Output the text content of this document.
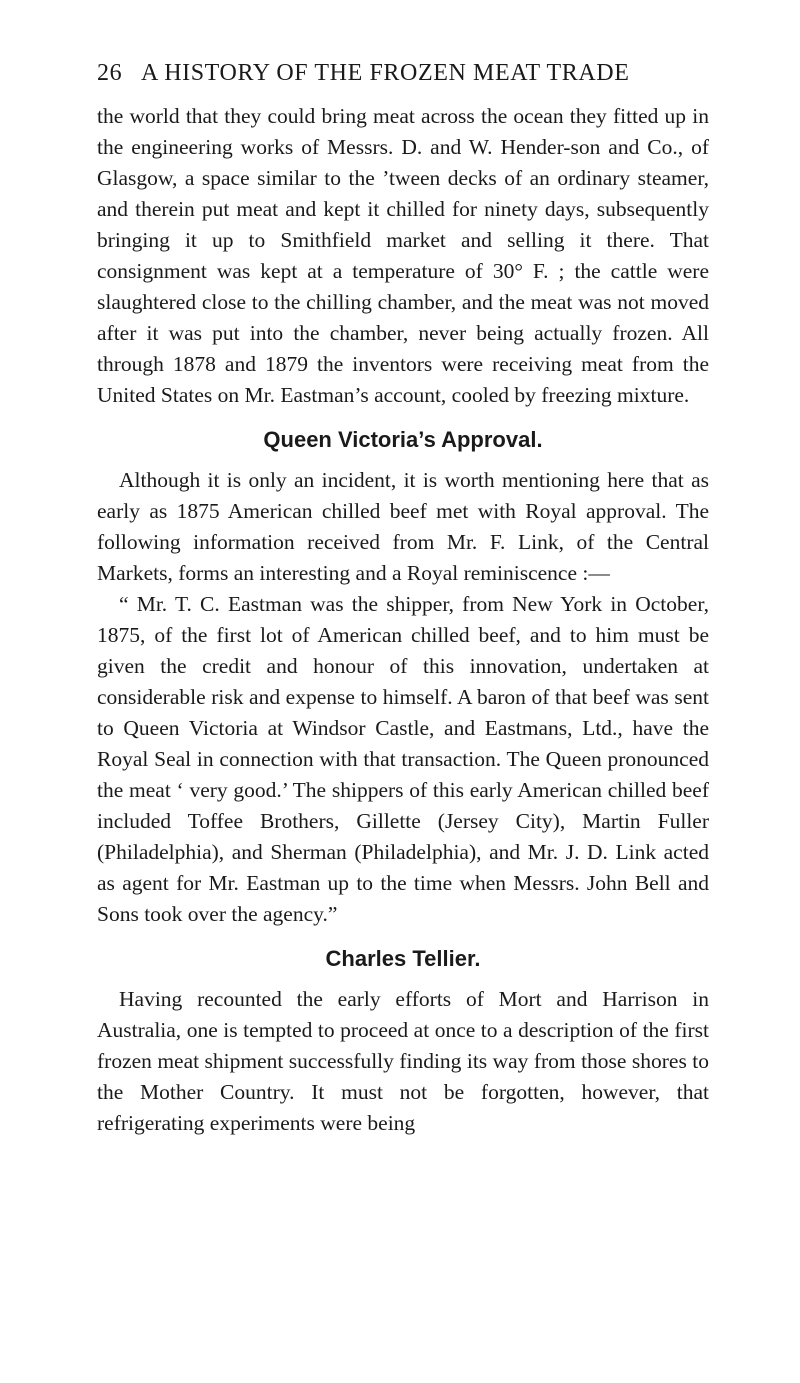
26 A HISTORY OF THE FROZEN MEAT TRADE

the world that they could bring meat across the ocean they fitted up in the engineering works of Messrs. D. and W. Hender-son and Co., of Glasgow, a space similar to the ’tween decks of an ordinary steamer, and therein put meat and kept it chilled for ninety days, subsequently bringing it up to Smithfield market and selling it there. That consignment was kept at a temperature of 30° F. ; the cattle were slaughtered close to the chilling chamber, and the meat was not moved after it was put into the chamber, never being actually frozen. All through 1878 and 1879 the inventors were receiving meat from the United States on Mr. Eastman’s account, cooled by freezing mixture.

Queen Victoria’s Approval.

Although it is only an incident, it is worth mentioning here that as early as 1875 American chilled beef met with Royal approval. The following information received from Mr. F. Link, of the Central Markets, forms an interesting and a Royal reminiscence :—

“ Mr. T. C. Eastman was the shipper, from New York in October, 1875, of the first lot of American chilled beef, and to him must be given the credit and honour of this innovation, undertaken at considerable risk and expense to himself. A baron of that beef was sent to Queen Victoria at Windsor Castle, and Eastmans, Ltd., have the Royal Seal in connection with that transaction. The Queen pronounced the meat ‘ very good.’ The shippers of this early American chilled beef included Toffee Brothers, Gillette (Jersey City), Martin Fuller (Philadelphia), and Sherman (Philadelphia), and Mr. J. D. Link acted as agent for Mr. Eastman up to the time when Messrs. John Bell and Sons took over the agency.”

Charles Tellier.

Having recounted the early efforts of Mort and Harrison in Australia, one is tempted to proceed at once to a description of the first frozen meat shipment successfully finding its way from those shores to the Mother Country. It must not be forgotten, however, that refrigerating experiments were being
